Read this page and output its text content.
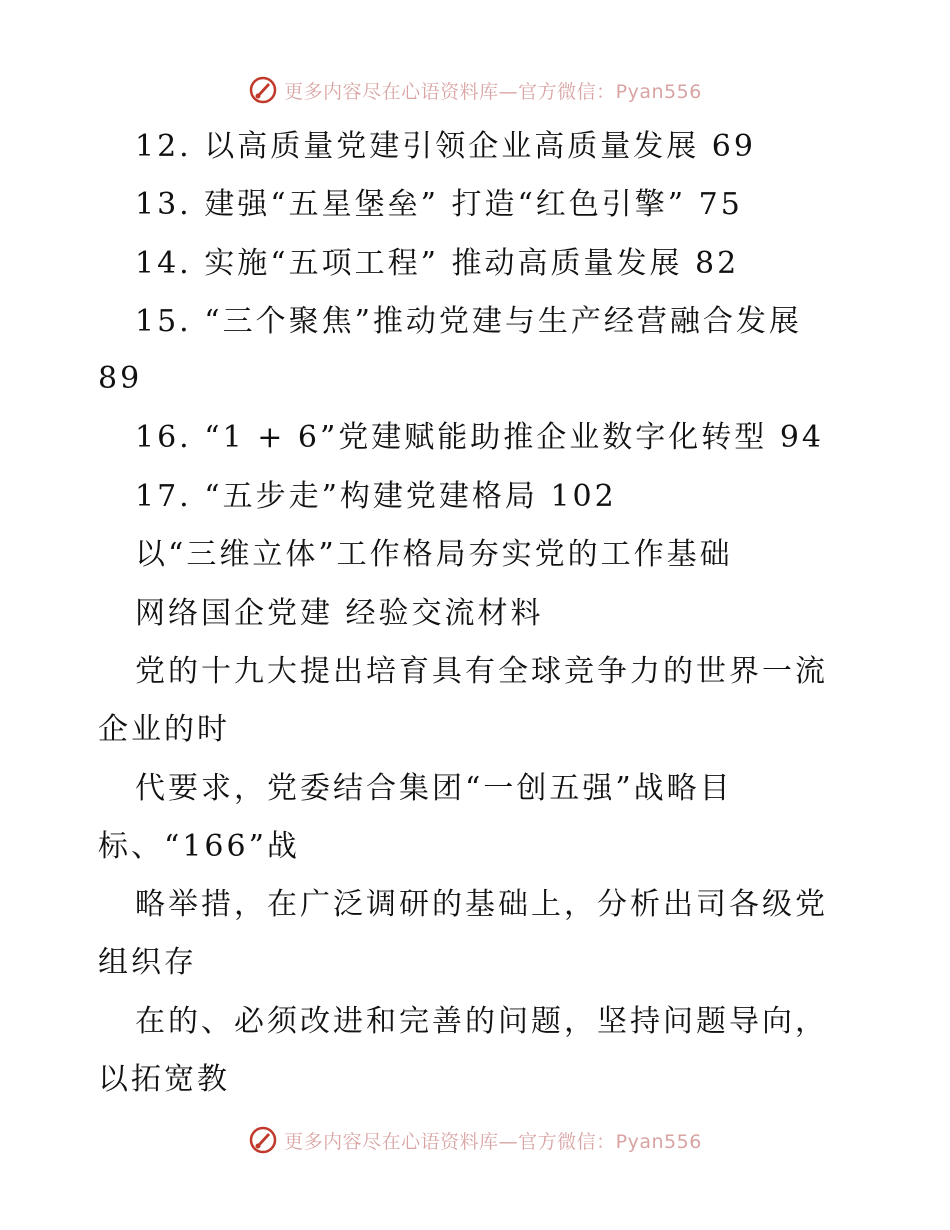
更多内容尽在心语资料库—官方微信：Pyan556
12. 以高质量党建引领企业高质量发展 69
13. 建强“五星堡垒” 打造“红色引擎” 75
14. 实施“五项工程” 推动高质量发展 82
15. “三个聚焦”推动党建与生产经营融合发展
89
16. “1 + 6”党建赋能助推企业数字化转型 94
17. “五步走”构建党建格局 102
以“三维立体”工作格局夯实党的工作基础
网络国企党建 经验交流材料
党的十九大提出培育具有全球竞争力的世界一流
企业的时
代要求，党委结合集团“一创五强”战略目
标、“166”战
略举措，在广泛调研的基础上，分析出司各级党
组织存
在的、必须改进和完善的问题，坚持问题导向，
以拓宽教
更多内容尽在心语资料库—官方微信：Pyan556
